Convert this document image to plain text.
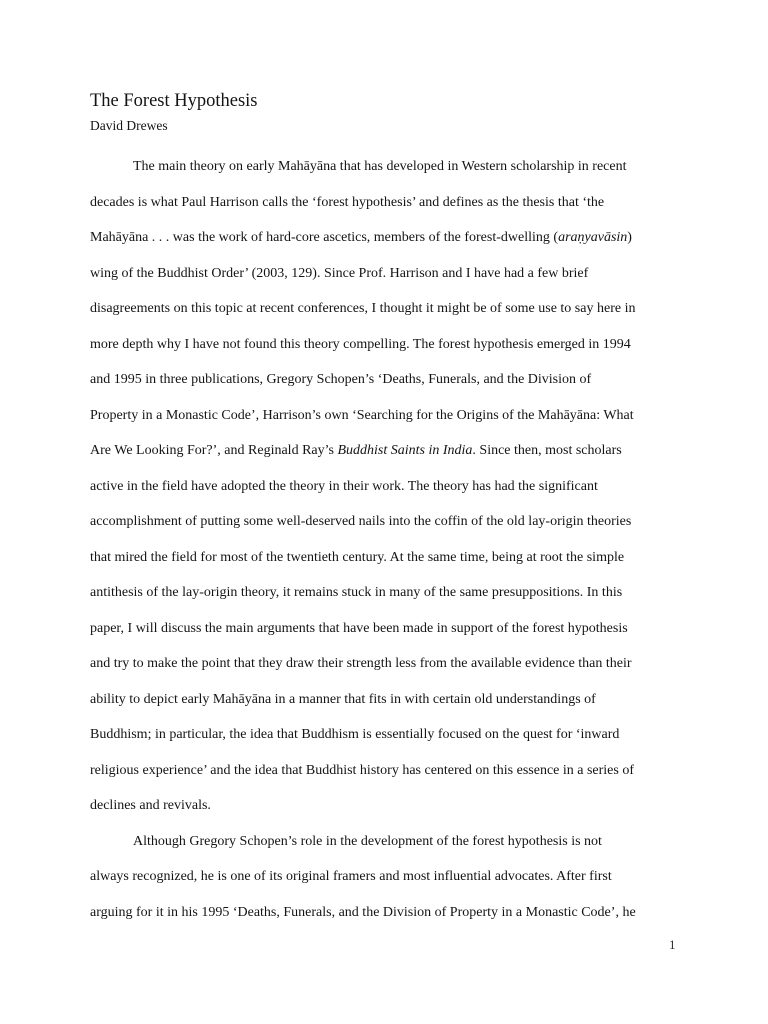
The Forest Hypothesis
David Drewes
The main theory on early Mahāyāna that has developed in Western scholarship in recent
decades is what Paul Harrison calls the ‘forest hypothesis’ and defines as the thesis that ‘the
Mahāyāna . . . was the work of hard-core ascetics, members of the forest-dwelling (araṇyavāsin)
wing of the Buddhist Order’ (2003, 129). Since Prof. Harrison and I have had a few brief
disagreements on this topic at recent conferences, I thought it might be of some use to say here in
more depth why I have not found this theory compelling. The forest hypothesis emerged in 1994
and 1995 in three publications, Gregory Schopen’s ‘Deaths, Funerals, and the Division of
Property in a Monastic Code’, Harrison’s own ‘Searching for the Origins of the Mahāyāna: What
Are We Looking For?’, and Reginald Ray’s Buddhist Saints in India. Since then, most scholars
active in the field have adopted the theory in their work. The theory has had the significant
accomplishment of putting some well-deserved nails into the coffin of the old lay-origin theories
that mired the field for most of the twentieth century. At the same time, being at root the simple
antithesis of the lay-origin theory, it remains stuck in many of the same presuppositions. In this
paper, I will discuss the main arguments that have been made in support of the forest hypothesis
and try to make the point that they draw their strength less from the available evidence than their
ability to depict early Mahāyāna in a manner that fits in with certain old understandings of
Buddhism; in particular, the idea that Buddhism is essentially focused on the quest for ‘inward
religious experience’ and the idea that Buddhist history has centered on this essence in a series of
declines and revivals.
Although Gregory Schopen’s role in the development of the forest hypothesis is not
always recognized, he is one of its original framers and most influential advocates. After first
arguing for it in his 1995 ‘Deaths, Funerals, and the Division of Property in a Monastic Code’, he
1
